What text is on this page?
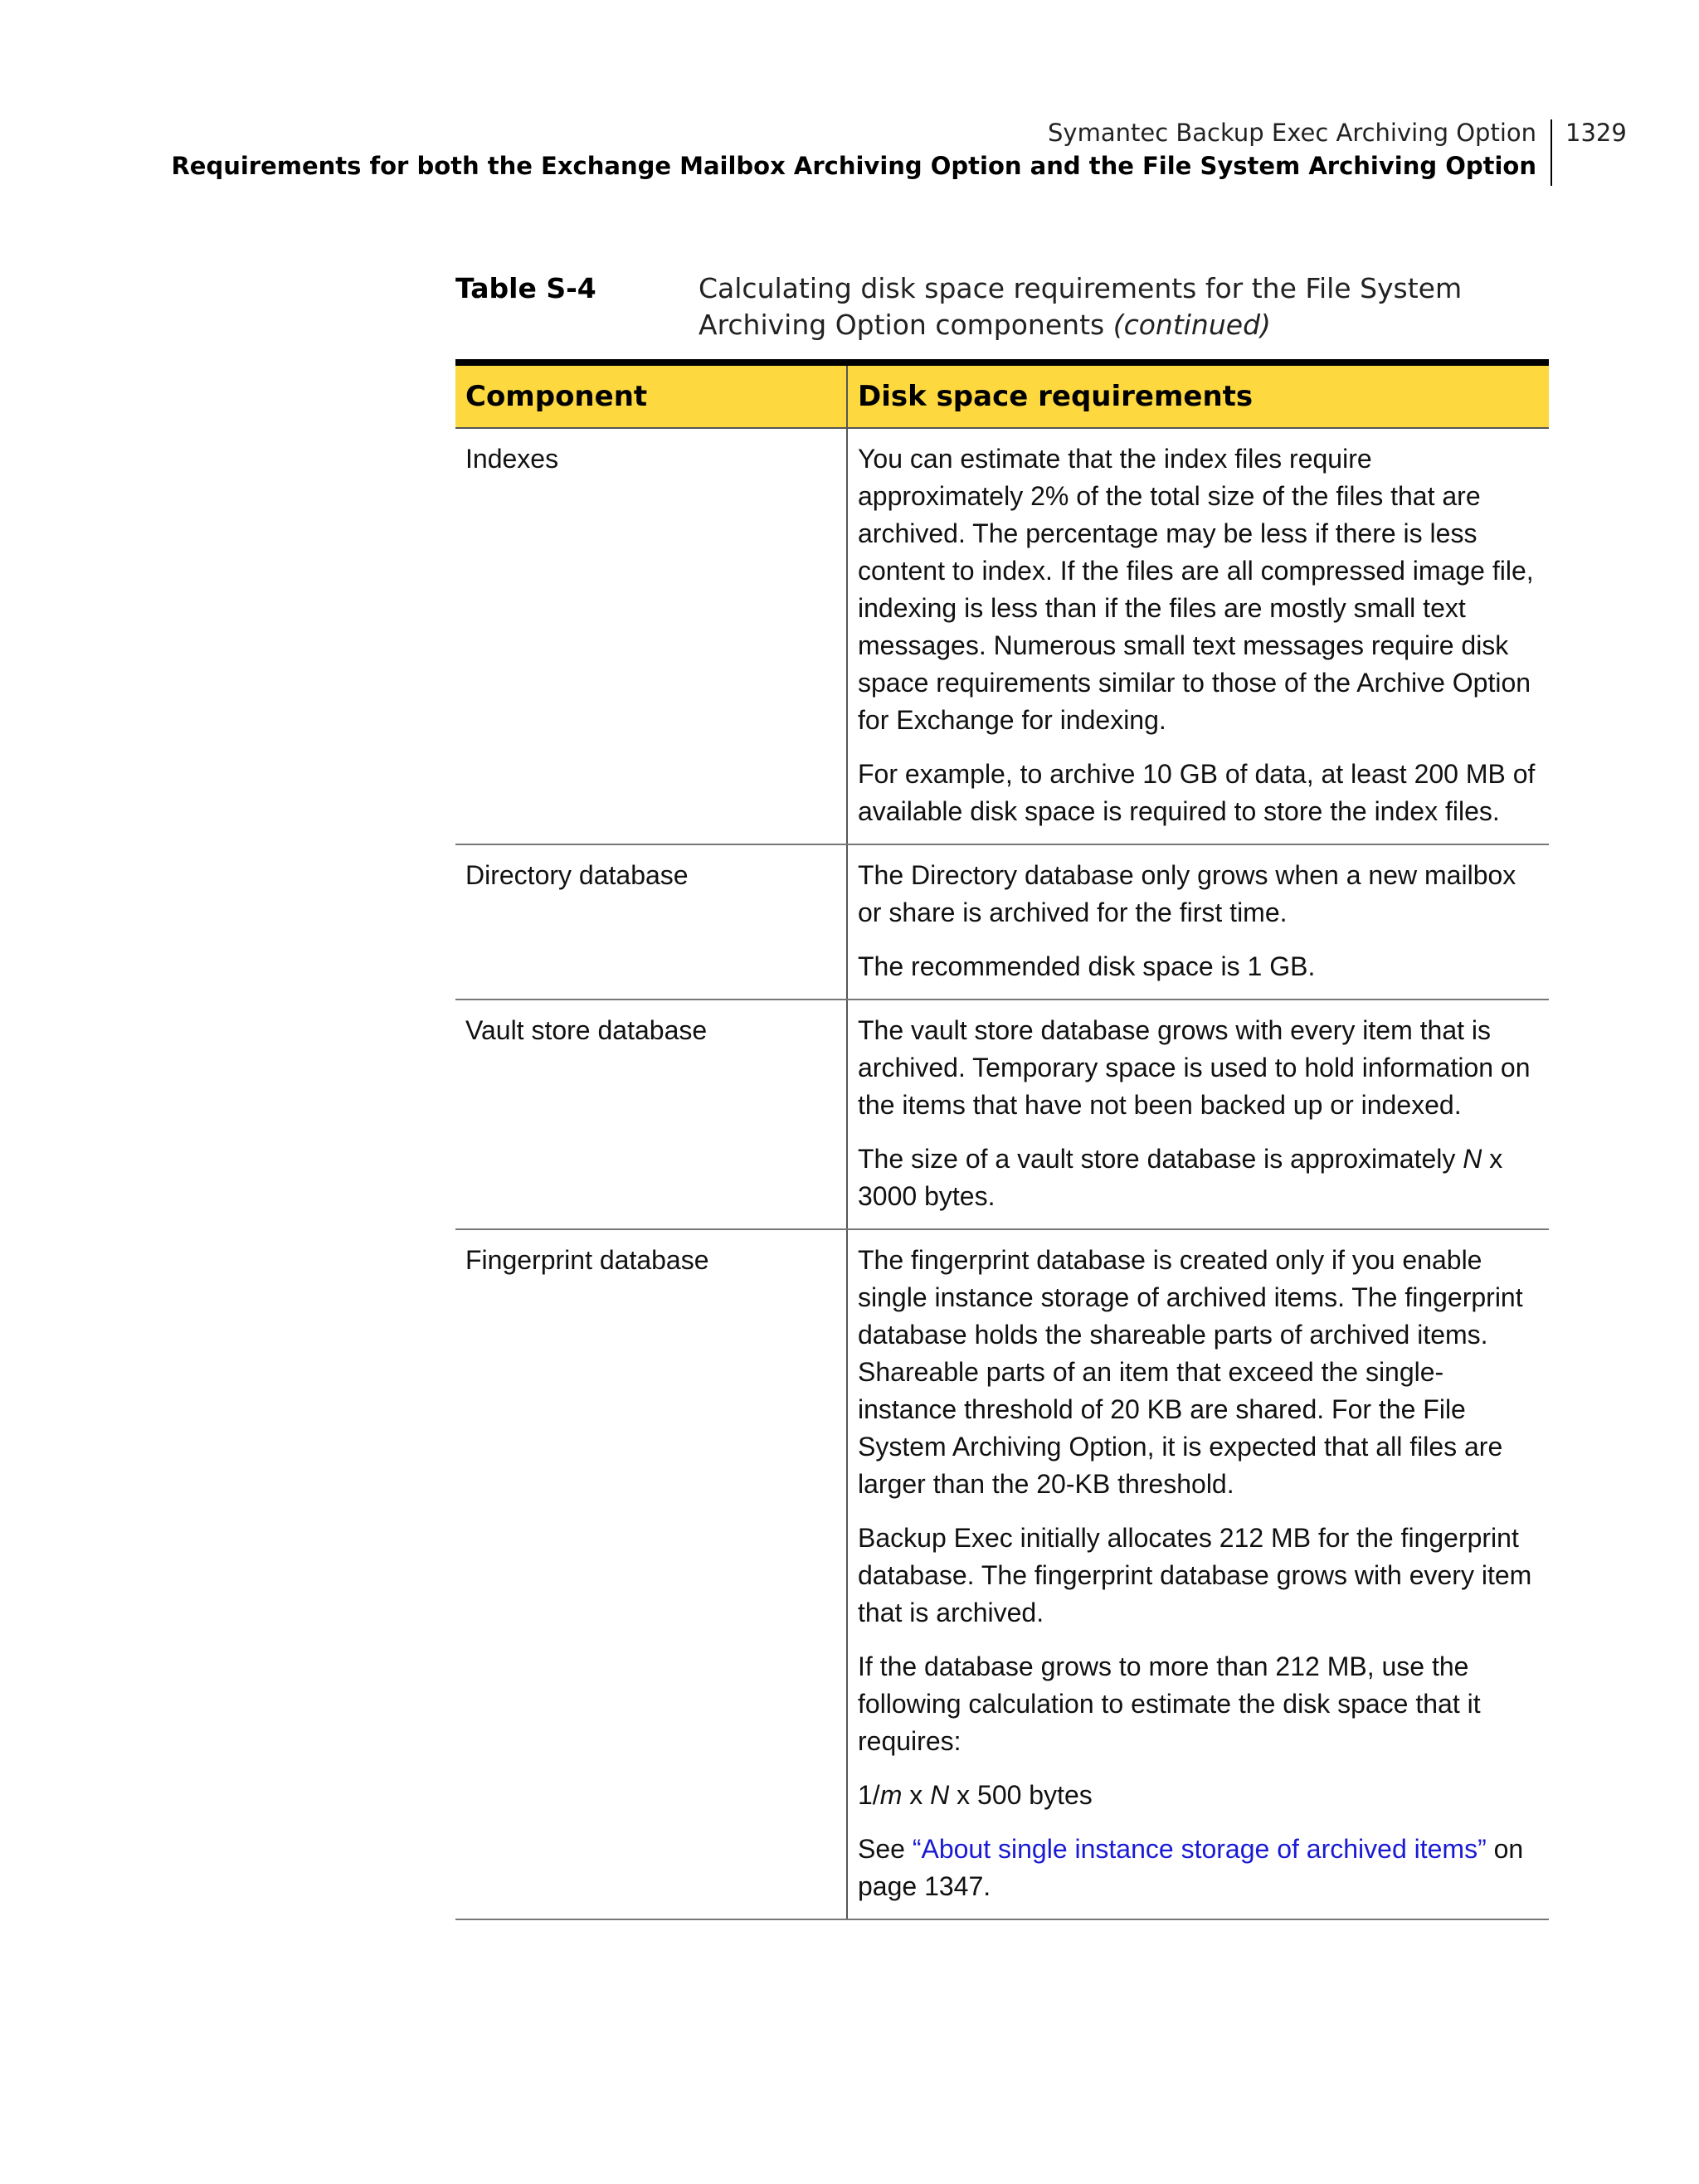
Symantec Backup Exec Archiving Option
Requirements for both the Exchange Mailbox Archiving Option and the File System Archiving Option
1329
Table S-4	Calculating disk space requirements for the File System Archiving Option components (continued)
Component	Disk space requirements
Indexes	You can estimate that the index files require approximately 2% of the total size of the files that are archived. The percentage may be less if there is less content to index. If the files are all compressed image file, indexing is less than if the files are mostly small text messages. Numerous small text messages require disk space requirements similar to those of the Archive Option for Exchange for indexing.

For example, to archive 10 GB of data, at least 200 MB of available disk space is required to store the index files.

Directory database	The Directory database only grows when a new mailbox or share is archived for the first time.

The recommended disk space is 1 GB.

Vault store database	The vault store database grows with every item that is archived. Temporary space is used to hold information on the items that have not been backed up or indexed.

The size of a vault store database is approximately N x 3000 bytes.

Fingerprint database	The fingerprint database is created only if you enable single instance storage of archived items. The fingerprint database holds the shareable parts of archived items. Shareable parts of an item that exceed the single-instance threshold of 20 KB are shared. For the File System Archiving Option, it is expected that all files are larger than the 20-KB threshold.

Backup Exec initially allocates 212 MB for the fingerprint database. The fingerprint database grows with every item that is archived.

If the database grows to more than 212 MB, use the following calculation to estimate the disk space that it requires:

1/m x N x 500 bytes

See “About single instance storage of archived items” on page 1347.
